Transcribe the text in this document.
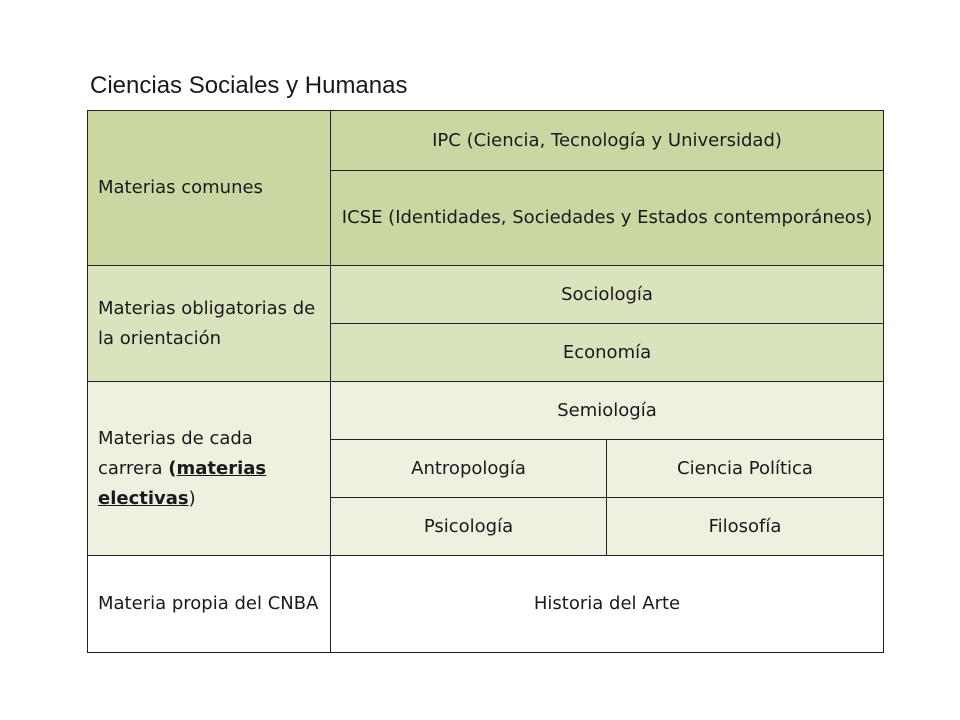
Ciencias Sociales y Humanas
Materias comunes	IPC (Ciencia, Tecnología y Universidad)	
	ICSE (Identidades, Sociedades y Estados contemporáneos)	
Materias obligatorias de la orientación	Sociología	
	Economía	
Materias de cada carrera (materias electivas)	Semiología	
	Antropología	Ciencia Política
	Psicología	Filosofía
Materia propia del CNBA	Historia del Arte	
